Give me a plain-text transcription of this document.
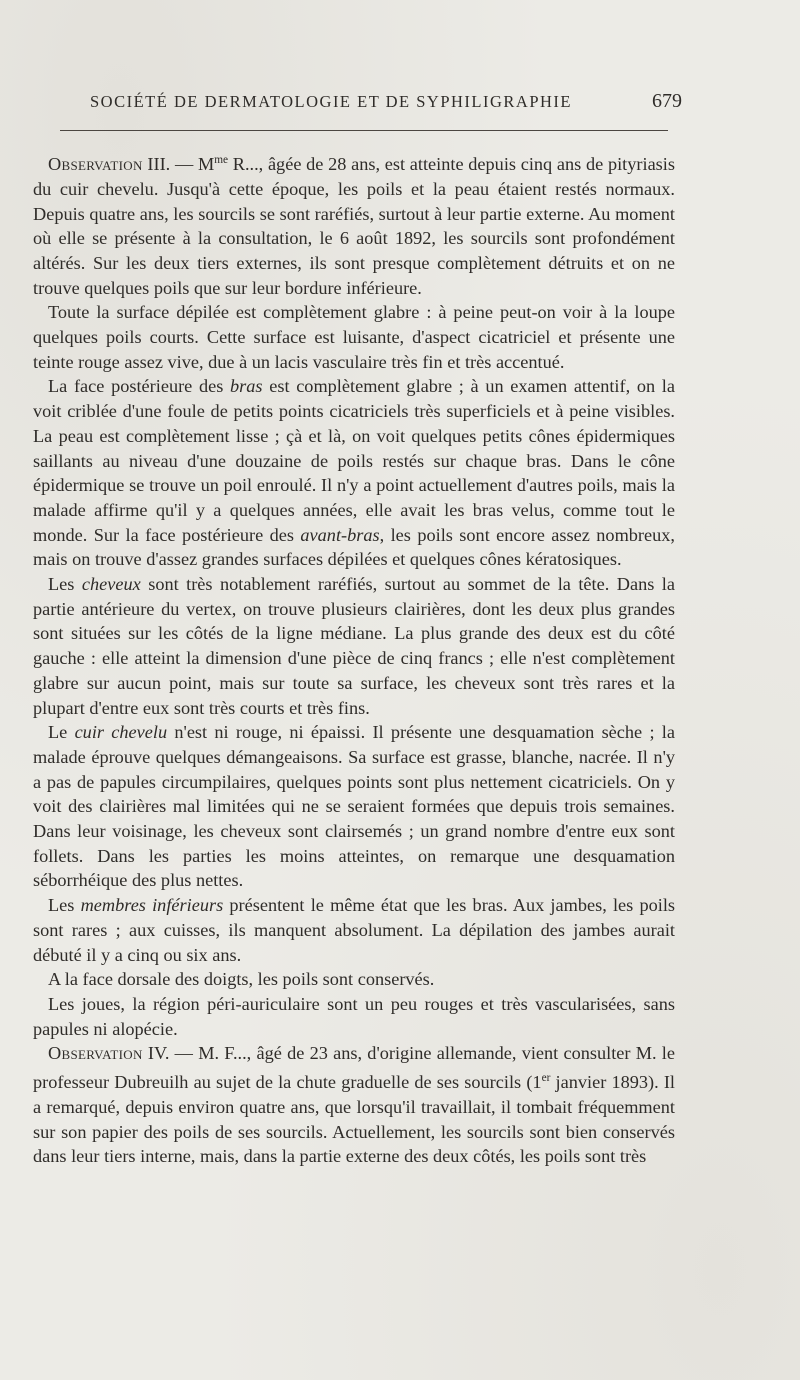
SOCIÉTÉ DE DERMATOLOGIE ET DE SYPHILIGRAPHIE	679

Observation III. — $M^{me}$ R..., âgée de 28 ans, est atteinte depuis cinq ans de pityriasis du cuir chevelu. Jusqu'à cette époque, les poils et la peau étaient restés normaux. Depuis quatre ans, les sourcils se sont raréfiés, surtout à leur partie externe. Au moment où elle se présente à la consultation, le 6 août 1892, les sourcils sont profondément altérés. Sur les deux tiers externes, ils sont presque complètement détruits et on ne trouve quelques poils que sur leur bordure inférieure.

Toute la surface dépilée est complètement glabre : à peine peut-on voir à la loupe quelques poils courts. Cette surface est luisante, d'aspect cicatriciel et présente une teinte rouge assez vive, due à un lacis vasculaire très fin et très accentué.

La face postérieure des bras est complètement glabre ; à un examen attentif, on la voit criblée d'une foule de petits points cicatriciels très superficiels et à peine visibles. La peau est complètement lisse ; çà et là, on voit quelques petits cônes épidermiques saillants au niveau d'une douzaine de poils restés sur chaque bras. Dans le cône épidermique se trouve un poil enroulé. Il n'y a point actuellement d'autres poils, mais la malade affirme qu'il y a quelques années, elle avait les bras velus, comme tout le monde. Sur la face postérieure des avant-bras, les poils sont encore assez nombreux, mais on trouve d'assez grandes surfaces dépilées et quelques cônes kératosiques.

Les cheveux sont très notablement raréfiés, surtout au sommet de la tête. Dans la partie antérieure du vertex, on trouve plusieurs clairières, dont les deux plus grandes sont situées sur les côtés de la ligne médiane. La plus grande des deux est du côté gauche : elle atteint la dimension d'une pièce de cinq francs ; elle n'est complètement glabre sur aucun point, mais sur toute sa surface, les cheveux sont très rares et la plupart d'entre eux sont très courts et très fins.

Le cuir chevelu n'est ni rouge, ni épaissi. Il présente une desquamation sèche ; la malade éprouve quelques démangeaisons. Sa surface est grasse, blanche, nacrée. Il n'y a pas de papules circumpilaires, quelques points sont plus nettement cicatriciels. On y voit des clairières mal limitées qui ne se seraient formées que depuis trois semaines. Dans leur voisinage, les cheveux sont clairsemés ; un grand nombre d'entre eux sont follets. Dans les parties les moins atteintes, on remarque une desquamation séborrhéique des plus nettes.

Les membres inférieurs présentent le même état que les bras. Aux jambes, les poils sont rares ; aux cuisses, ils manquent absolument. La dépilation des jambes aurait débuté il y a cinq ou six ans.

A la face dorsale des doigts, les poils sont conservés.

Les joues, la région péri-auriculaire sont un peu rouges et très vascularisées, sans papules ni alopécie.

Observation IV. — M. F..., âgé de 23 ans, d'origine allemande, vient consulter M. le professeur Dubreuilh au sujet de la chute graduelle de ses sourcils (1er janvier 1893). Il a remarqué, depuis environ quatre ans, que lorsqu'il travaillait, il tombait fréquemment sur son papier des poils de ses sourcils. Actuellement, les sourcils sont bien conservés dans leur tiers interne, mais, dans la partie externe des deux côtés, les poils sont très
